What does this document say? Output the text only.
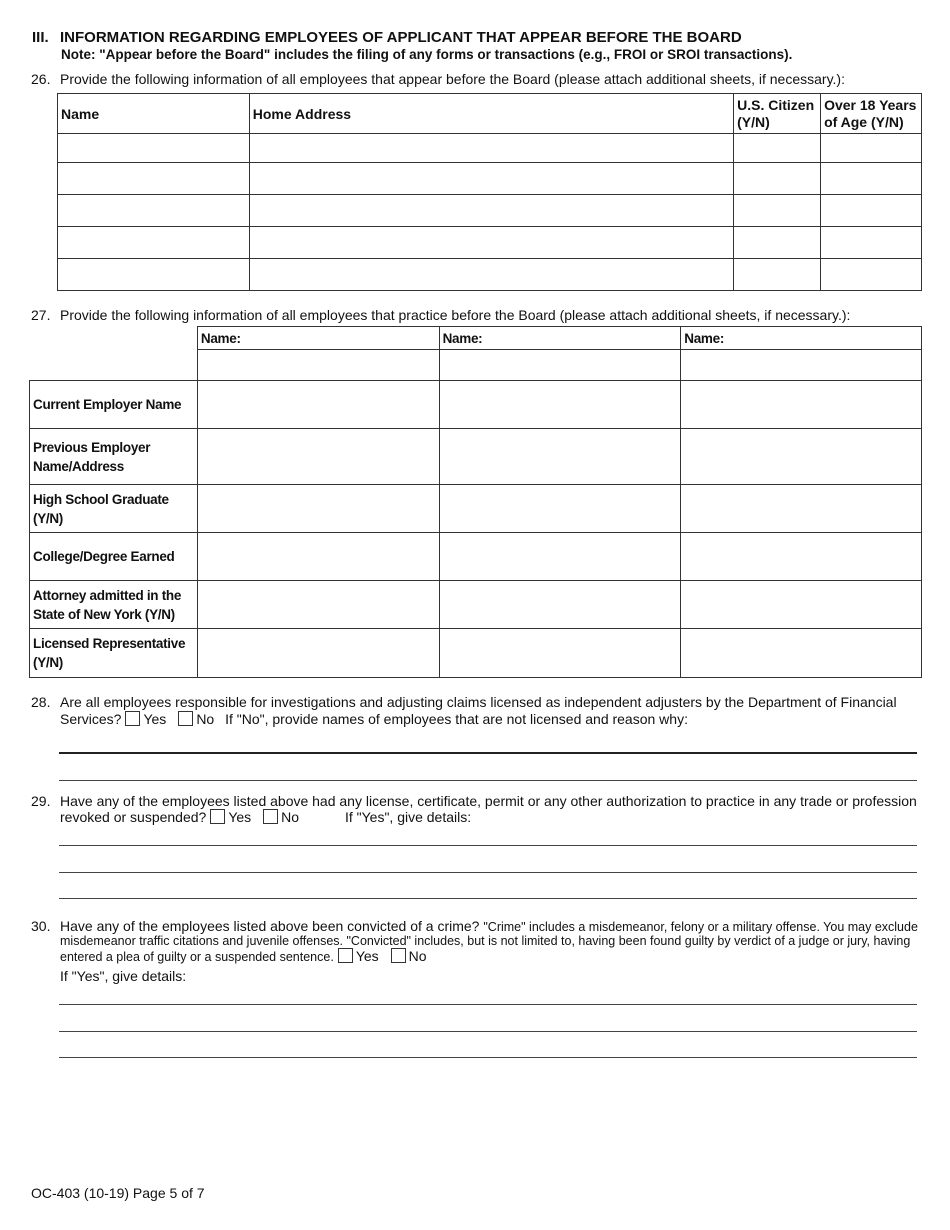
III. INFORMATION REGARDING EMPLOYEES OF APPLICANT THAT APPEAR BEFORE THE BOARD
Note: "Appear before the Board" includes the filing of any forms or transactions (e.g., FROI or SROI transactions).
26. Provide the following information of all employees that appear before the Board (please attach additional sheets, if necessary.):
Name	Home Address	U.S. Citizen (Y/N)	Over 18 Years of Age (Y/N)

27. Provide the following information of all employees that practice before the Board (please attach additional sheets, if necessary.):
	Name:	Name:	Name:

Current Employer Name			
Previous Employer Name/Address			
High School Graduate (Y/N)			
College/Degree Earned			
Attorney admitted in the State of New York (Y/N)			
Licensed Representative (Y/N)			
28. Are all employees responsible for investigations and adjusting claims licensed as independent adjusters by the Department of Financial
Services? Yes No If "No", provide names of employees that are not licensed and reason why:
29. Have any of the employees listed above had any license, certificate, permit or any other authorization to practice in any trade or profession
revoked or suspended? Yes No	If "Yes", give details:
30. Have any of the employees listed above been convicted of a crime? "Crime" includes a misdemeanor, felony or a military offense. You may exclude
misdemeanor traffic citations and juvenile offenses. "Convicted" includes, but is not limited to, having been found guilty by verdict of a judge or jury, having
entered a plea of guilty or a suspended sentence. Yes No
If "Yes", give details:
OC-403 (10-19) Page 5 of 7
